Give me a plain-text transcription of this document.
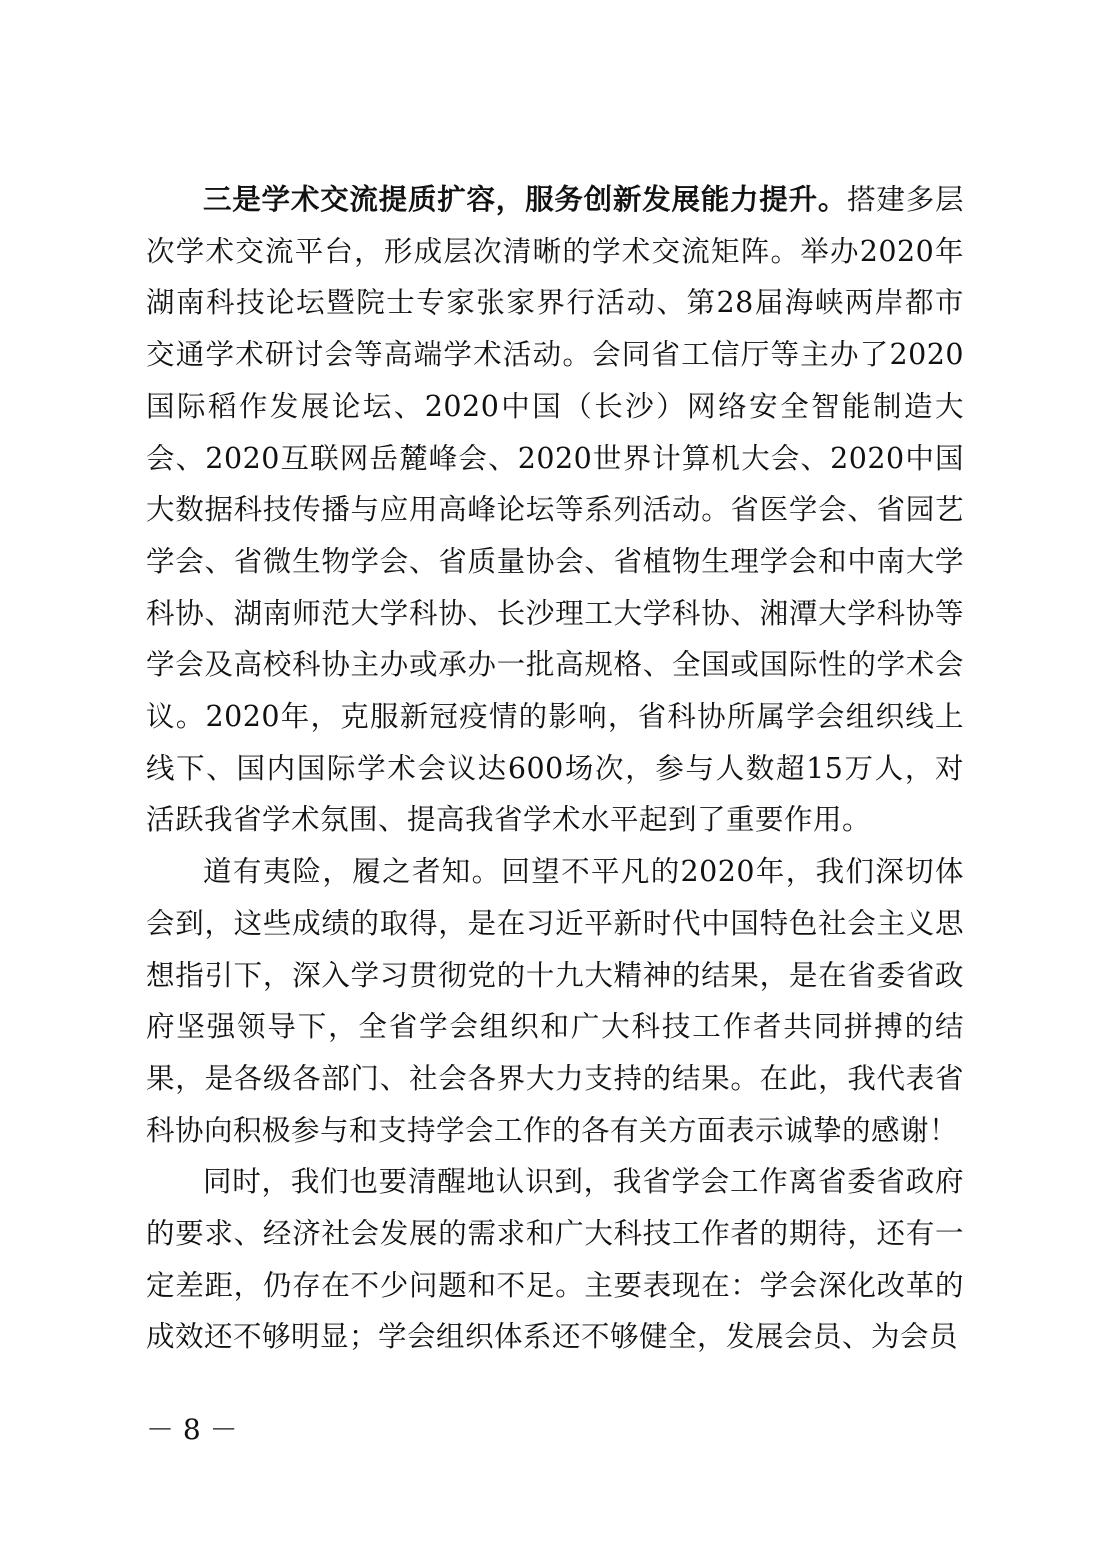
三是学术交流提质扩容，服务创新发展能力提升。搭建多层次学术交流平台，形成层次清晰的学术交流矩阵。举办2020年湖南科技论坛暨院士专家张家界行活动、第28届海峡两岸都市交通学术研讨会等高端学术活动。会同省工信厅等主办了2020国际稻作发展论坛、2020中国（长沙）网络安全智能制造大会、2020互联网岳麓峰会、2020世界计算机大会、2020中国大数据科技传播与应用高峰论坛等系列活动。省医学会、省园艺学会、省微生物学会、省质量协会、省植物生理学会和中南大学科协、湖南师范大学科协、长沙理工大学科协、湘潭大学科协等学会及高校科协主办或承办一批高规格、全国或国际性的学术会议。2020年，克服新冠疫情的影响，省科协所属学会组织线上线下、国内国际学术会议达600场次，参与人数超15万人，对活跃我省学术氛围、提高我省学术水平起到了重要作用。

道有夷险，履之者知。回望不平凡的2020年，我们深切体会到，这些成绩的取得，是在习近平新时代中国特色社会主义思想指引下，深入学习贯彻党的十九大精神的结果，是在省委省政府坚强领导下，全省学会组织和广大科技工作者共同拼搏的结果，是各级各部门、社会各界大力支持的结果。在此，我代表省科协向积极参与和支持学会工作的各有关方面表示诚挚的感谢！

同时，我们也要清醒地认识到，我省学会工作离省委省政府的要求、经济社会发展的需求和广大科技工作者的期待，还有一定差距，仍存在不少问题和不足。主要表现在：学会深化改革的成效还不够明显；学会组织体系还不够健全，发展会员、为会员

－ 8 －
